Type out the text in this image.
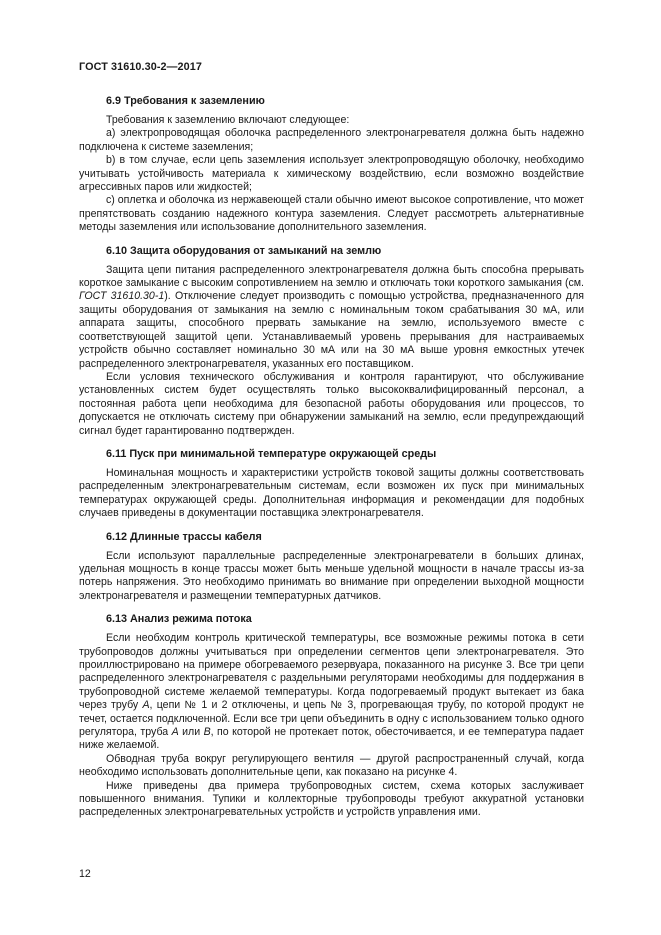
ГОСТ 31610.30-2—2017
6.9 Требования к заземлению

Требования к заземлению включают следующее:

а) электропроводящая оболочка распределенного электронагревателя должна быть надежно подключена к системе заземления;

b) в том случае, если цепь заземления использует электропроводящую оболочку, необходимо учитывать устойчивость материала к химическому воздействию, если возможно воздействие агрессивных паров или жидкостей;

с) оплетка и оболочка из нержавеющей стали обычно имеют высокое сопротивление, что может препятствовать созданию надежного контура заземления. Следует рассмотреть альтернативные методы заземления или использование дополнительного заземления.

6.10 Защита оборудования от замыканий на землю

Защита цепи питания распределенного электронагревателя должна быть способна прерывать короткое замыкание с высоким сопротивлением на землю и отключать токи короткого замыкания (см. ГОСТ 31610.30-1). Отключение следует производить с помощью устройства, предназначенного для защиты оборудования от замыкания на землю с номинальным током срабатывания 30 мА, или аппарата защиты, способного прервать замыкание на землю, используемого вместе с соответствующей защитой цепи. Устанавливаемый уровень прерывания для настраиваемых устройств обычно составляет номинально 30 мА или на 30 мА выше уровня емкостных утечек распределенного электронагревателя, указанных его поставщиком.

Если условия технического обслуживания и контроля гарантируют, что обслуживание установленных систем будет осуществлять только высококвалифицированный персонал, а постоянная работа цепи необходима для безопасной работы оборудования или процессов, то допускается не отключать систему при обнаружении замыканий на землю, если предупреждающий сигнал будет гарантированно подтвержден.

6.11 Пуск при минимальной температуре окружающей среды

Номинальная мощность и характеристики устройств токовой защиты должны соответствовать распределенным электронагревательным системам, если возможен их пуск при минимальных температурах окружающей среды. Дополнительная информация и рекомендации для подобных случаев приведены в документации поставщика электронагревателя.

6.12 Длинные трассы кабеля

Если используют параллельные распределенные электронагреватели в больших длинах, удельная мощность в конце трассы может быть меньше удельной мощности в начале трассы из-за потерь напряжения. Это необходимо принимать во внимание при определении выходной мощности электронагревателя и размещении температурных датчиков.

6.13 Анализ режима потока

Если необходим контроль критической температуры, все возможные режимы потока в сети трубопроводов должны учитываться при определении сегментов цепи электронагревателя. Это проиллюстрировано на примере обогреваемого резервуара, показанного на рисунке 3. Все три цепи распределенного электронагревателя с раздельными регуляторами необходимы для поддержания в трубопроводной системе желаемой температуры. Когда подогреваемый продукт вытекает из бака через трубу А, цепи № 1 и 2 отключены, и цепь № 3, прогревающая трубу, по которой продукт не течет, остается подключенной. Если все три цепи объединить в одну с использованием только одного регулятора, труба А или В, по которой не протекает поток, обесточивается, и ее температура падает ниже желаемой.

Обводная труба вокруг регулирующего вентиля — другой распространенный случай, когда необходимо использовать дополнительные цепи, как показано на рисунке 4.

Ниже приведены два примера трубопроводных систем, схема которых заслуживает повышенного внимания. Тупики и коллекторные трубопроводы требуют аккуратной установки распределенных электронагревательных устройств и устройств управления ими.

12
